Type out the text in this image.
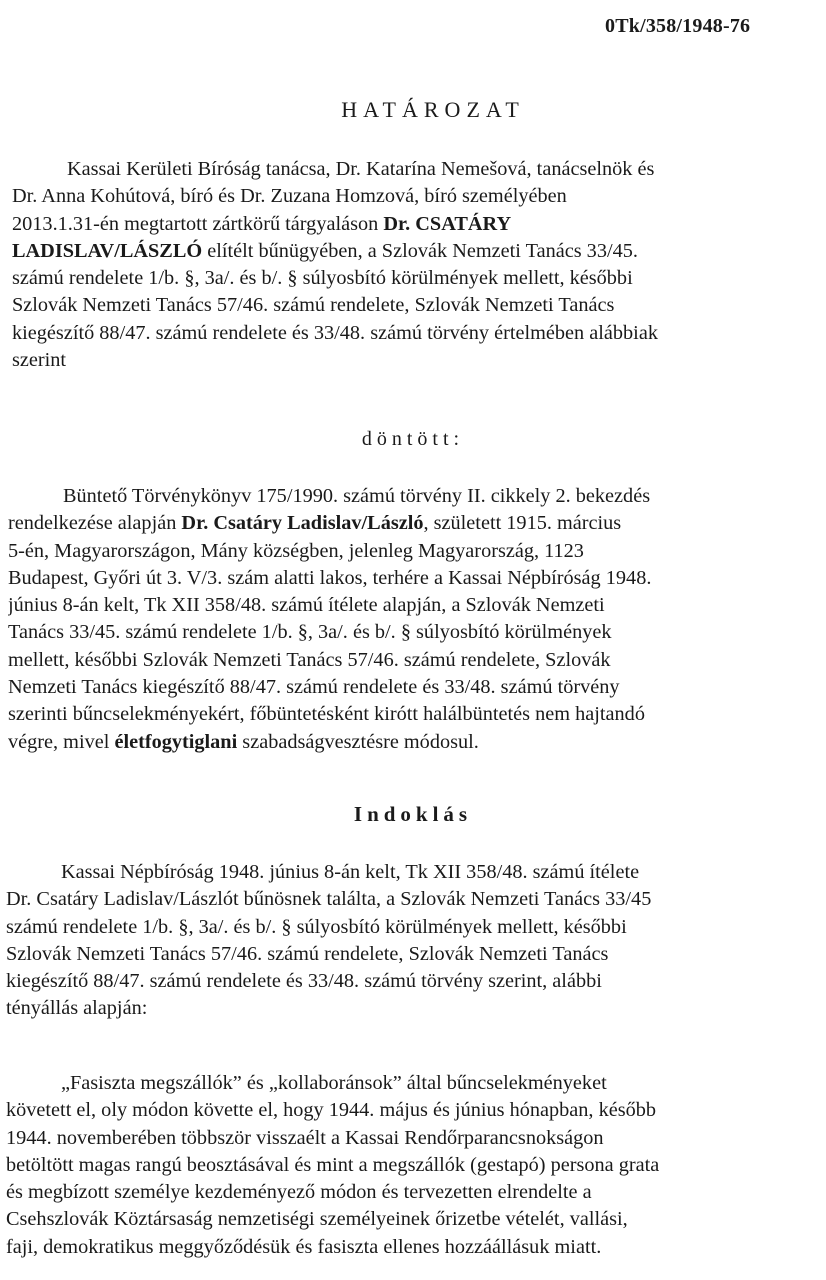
0Tk/358/1948-76
HATÁROZAT
Kassai Kerületi Bíróság tanácsa, Dr. Katarína Nemešová, tanácselnök és
Dr. Anna Kohútová, bíró és Dr. Zuzana Homzová, bíró személyében
2013.1.31-én megtartott zártkörű tárgyaláson Dr. CSATÁRY
LADISLAV/LÁSZLÓ elítélt bűnügyében, a Szlovák Nemzeti Tanács 33/45.
számú rendelete 1/b. §, 3a/. és b/. § súlyosbító körülmények mellett, későbbi
Szlovák Nemzeti Tanács 57/46. számú rendelete, Szlovák Nemzeti Tanács
kiegészítő 88/47. számú rendelete és 33/48. számú törvény értelmében alábbiak
szerint
döntött:
Büntető Törvénykönyv 175/1990. számú törvény II. cikkely 2. bekezdés
rendelkezése alapján Dr. Csatáry Ladislav/László, született 1915. március
5-én, Magyarországon, Mány községben, jelenleg Magyarország, 1123
Budapest, Győri út 3. V/3. szám alatti lakos, terhére a Kassai Népbíróság 1948.
június 8-án kelt, Tk XII 358/48. számú ítélete alapján, a Szlovák Nemzeti
Tanács 33/45. számú rendelete 1/b. §, 3a/. és b/. § súlyosbító körülmények
mellett, későbbi Szlovák Nemzeti Tanács 57/46. számú rendelete, Szlovák
Nemzeti Tanács kiegészítő 88/47. számú rendelete és 33/48. számú törvény
szerinti bűncselekményekért, főbüntetésként kirótt halálbüntetés nem hajtandó
végre, mivel életfogytiglani szabadságvesztésre módosul.
Indoklás
Kassai Népbíróság 1948. június 8-án kelt, Tk XII 358/48. számú ítélete
Dr. Csatáry Ladislav/Lászlót bűnösnek találta, a Szlovák Nemzeti Tanács 33/45
számú rendelete 1/b. §, 3a/. és b/. § súlyosbító körülmények mellett, későbbi
Szlovák Nemzeti Tanács 57/46. számú rendelete, Szlovák Nemzeti Tanács
kiegészítő 88/47. számú rendelete és 33/48. számú törvény szerint, alábbi
tényállás alapján:
„Fasiszta megszállók” és „kollaboránsok” által bűncselekményeket
követett el, oly módon követte el, hogy 1944. május és június hónapban, később
1944. novemberében többször visszaélt a Kassai Rendőrparancsnokságon
betöltött magas rangú beosztásával és mint a megszállók (gestapó) persona grata
és megbízott személye kezdeményező módon és tervezetten elrendelte a
Csehszlovák Köztársaság nemzetiségi személyeinek őrizetbe vételét, vallási,
faji, demokratikus meggyőződésük és fasiszta ellenes hozzáállásuk miatt.
